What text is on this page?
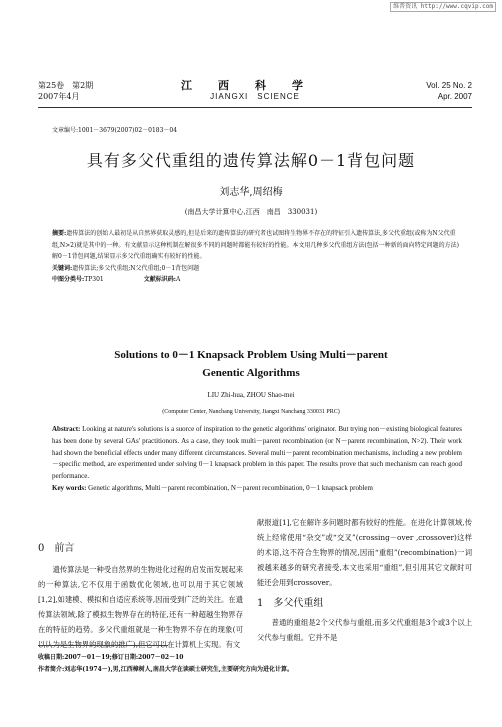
维普资讯 http://www.cqvip.com
第25卷　第2期
2007年4月
江西科学
JIANGXI　SCIENCE
Vol. 25 No. 2
Apr. 2007
文章编号:1001－3679(2007)02－0183－04
具有多父代重组的遗传算法解0－1背包问题
刘志华,周绍梅
(南昌大学计算中心,江西　南昌　330031)
摘要:遗传算法的创始人最初是从自然界获取灵感的,但是后来的遗传算法的研究者也试图将生物界不存在的特征引入遗传算法,多父代重组(或称为N父代重组,N>2)就是其中的一种。有文献显示这种机制在解很多不同的问题时都能有较好的性能。本文用几种多父代重组方法(包括一种新的面向特定问题的方法)解0－1背包问题,结果显示多父代重组确实有较好的性能。
关键词:遗传算法;多父代重组;N父代重组;0－1背包问题
中图分类号:TP301	文献标识码:A
Solutions to 0－1 Knapsack Problem Using Multi－parent
Genentic Algorithms
LIU Zhi-hua, ZHOU Shao-mei
(Computer Center, Nanchang University, Jiangxi Nanchang 330031 PRC)
Abstract: Looking at nature's solutions is a suorce of inspiration to the genetic algorithms' originator. But trying non－existing biological features has been done by several GAs' practitionors. As a case, they took multi－parent recombination (or N－parent recombination, N>2). Their work had shown the beneficial effects under many different circumstances. Several multi－parent recombination mechanisms, including a new problem－specific method, are experimented under solving 0－1 knapsack problem in this paper. The results prove that such mechanism can reach good performance.
Key words: Genetic algorithms, Multi－parent recombination, N－parent recombination, 0－1 knapsack problem
0　前言
遗传算法是一种受自然界的生物进化过程的启发而发展起来的一种算法,它不仅用于函数优化领域,也可以用于其它领域[1,2],如建模、模拟和自适应系统等,因而受到广泛的关注。在遗传算法领域,除了模拟生物界存在的特征,还有一种超越生物界存在的特征的趋势。多父代重组就是一种生物界不存在的现象(可以认为是生物界的现象的推广),但它可以在计算机上实现。有文
献报道[1],它在解许多问题时都有较好的性能。在进化计算领域,传统上经常使用“杂交”或“交叉”(crossing－over ,crossover)这样的术语,这不符合生物界的情况,因而“重组”(recombination)一词被越来越多的研究者接受,本文也采用“重组”,但引用其它文献时可能还会用到crossover。
1　多父代重组
普通的重组是2个父代参与重组,而多父代重组是3个或3个以上父代参与重组。它并不是
收稿日期:2007－01－19;修订日期:2007－02－10
作者简介:刘志华(1974－),男,江西樟树人,南昌大学在读硕士研究生,主要研究方向为进化计算。
